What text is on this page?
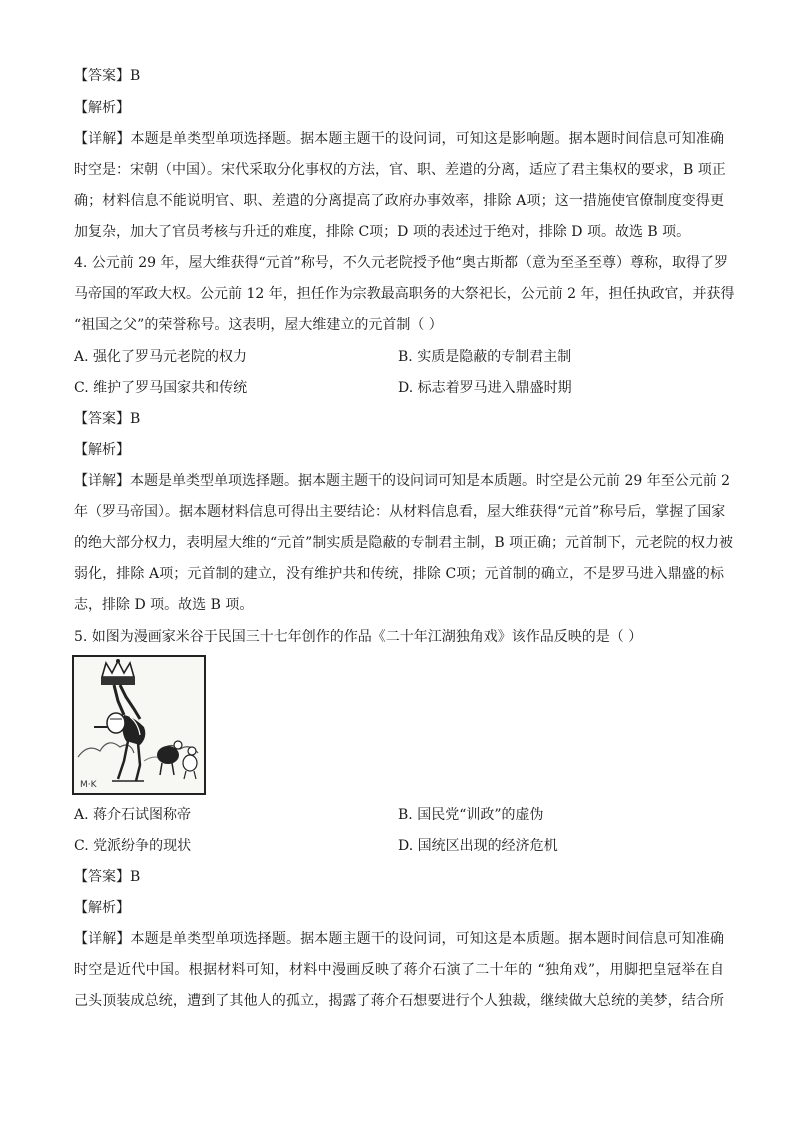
【答案】B
【解析】
【详解】本题是单类型单项选择题。据本题主题干的设问词，可知这是影响题。据本题时间信息可知准确
时空是：宋朝（中国）。宋代采取分化事权的方法，官、职、差遣的分离，适应了君主集权的要求，B 项正
确；材料信息不能说明官、职、差遣的分离提高了政府办事效率，排除 A项；这一措施使官僚制度变得更
加复杂，加大了官员考核与升迁的难度，排除 C项；D 项的表述过于绝对，排除 D 项。故选 B 项。
4. 公元前 29 年，屋大维获得“元首”称号，不久元老院授予他“奥古斯都（意为至圣至尊）尊称，取得了罗
马帝国的军政大权。公元前 12 年，担任作为宗教最高职务的大祭祀长，公元前 2 年，担任执政官，并获得
“祖国之父”的荣誉称号。这表明，屋大维建立的元首制（ ）
A. 强化了罗马元老院的权力	B. 实质是隐蔽的专制君主制
C. 维护了罗马国家共和传统	D. 标志着罗马进入鼎盛时期
【答案】B
【解析】
【详解】本题是单类型单项选择题。据本题主题干的设问词可知是本质题。时空是公元前 29 年至公元前 2
年（罗马帝国）。据本题材料信息可得出主要结论：从材料信息看，屋大维获得“元首”称号后，掌握了国家
的绝大部分权力，表明屋大维的“元首”制实质是隐蔽的专制君主制，B 项正确；元首制下，元老院的权力被
弱化，排除 A项；元首制的建立，没有维护共和传统，排除 C项；元首制的确立，不是罗马进入鼎盛的标
志，排除 D 项。故选 B 项。
5. 如图为漫画家米谷于民国三十七年创作的作品《二十年江湖独角戏》该作品反映的是（ ）
M·K
A. 蒋介石试图称帝	B. 国民党“训政”的虚伪
C. 党派纷争的现状	D. 国统区出现的经济危机
【答案】B
【解析】
【详解】本题是单类型单项选择题。据本题主题干的设问词，可知这是本质题。据本题时间信息可知准确
时空是近代中国。根据材料可知，材料中漫画反映了蒋介石演了二十年的 “独角戏”，用脚把皇冠举在自
己头顶装成总统，遭到了其他人的孤立，揭露了蒋介石想要进行个人独裁，继续做大总统的美梦，结合所
